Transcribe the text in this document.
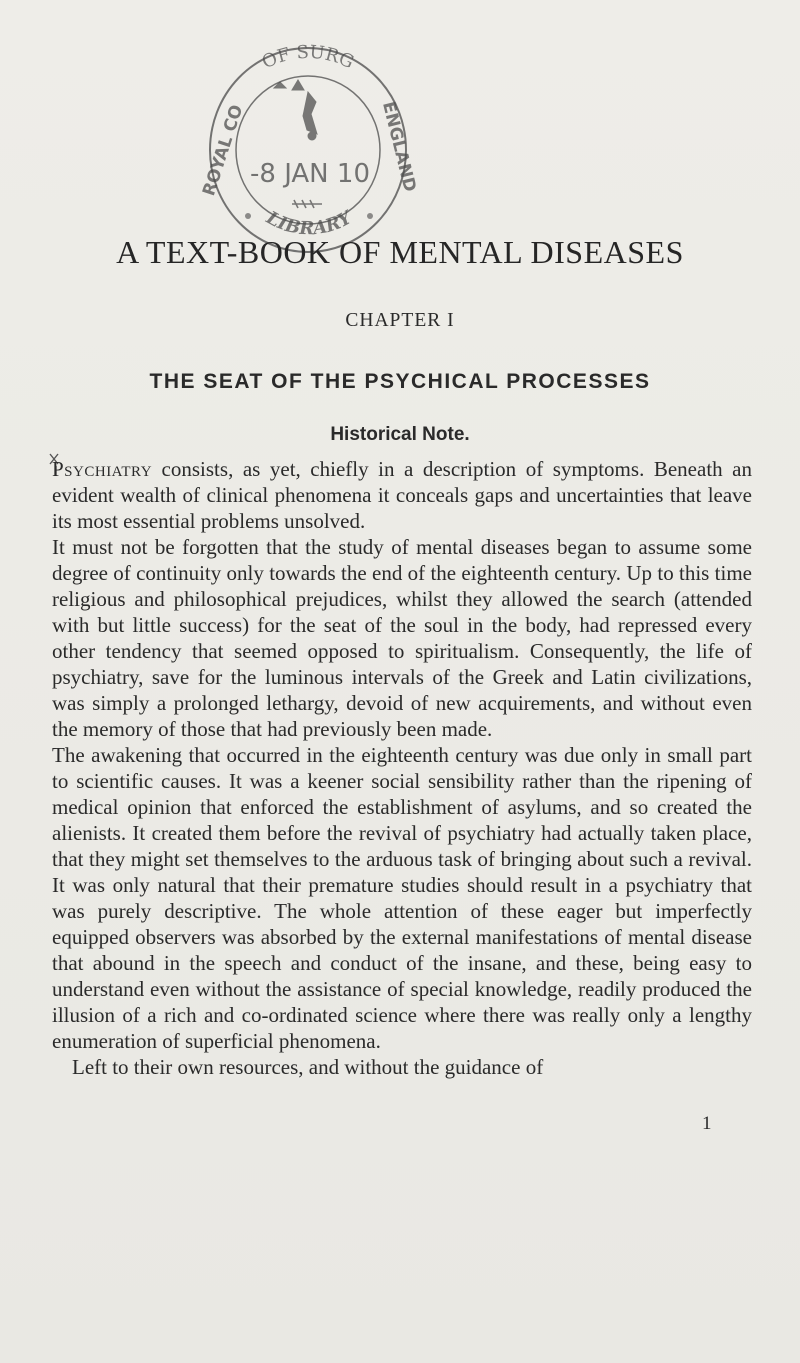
OF SURG
ROYAL CO	ENGLAND
-8 JAN 10
LIBRARY
A TEXT-BOOK OF MENTAL DISEASES
CHAPTER I
THE SEAT OF THE PSYCHICAL PROCESSES
Historical Note.

Psychiatry consists, as yet, chiefly in a description of symptoms. Beneath an evident wealth of clinical phenomena it conceals gaps and uncertainties that leave its most essential problems unsolved.

It must not be forgotten that the study of mental diseases began to assume some degree of continuity only towards the end of the eighteenth century. Up to this time religious and philosophical prejudices, whilst they allowed the search (attended with but little success) for the seat of the soul in the body, had repressed every other tendency that seemed opposed to spiritualism. Consequently, the life of psychiatry, save for the luminous intervals of the Greek and Latin civilizations, was simply a prolonged lethargy, devoid of new acquirements, and without even the memory of those that had previously been made.

The awakening that occurred in the eighteenth century was due only in small part to scientific causes. It was a keener social sensibility rather than the ripening of medical opinion that enforced the establishment of asylums, and so created the alienists. It created them before the revival of psychiatry had actually taken place, that they might set themselves to the arduous task of bringing about such a revival. It was only natural that their premature studies should result in a psychiatry that was purely descriptive. The whole attention of these eager but imperfectly equipped observers was absorbed by the external manifestations of mental disease that abound in the speech and conduct of the insane, and these, being easy to understand even without the assistance of special knowledge, readily produced the illusion of a rich and co-ordinated science where there was really only a lengthy enumeration of superficial phenomena.

Left to their own resources, and without the guidance of

1
